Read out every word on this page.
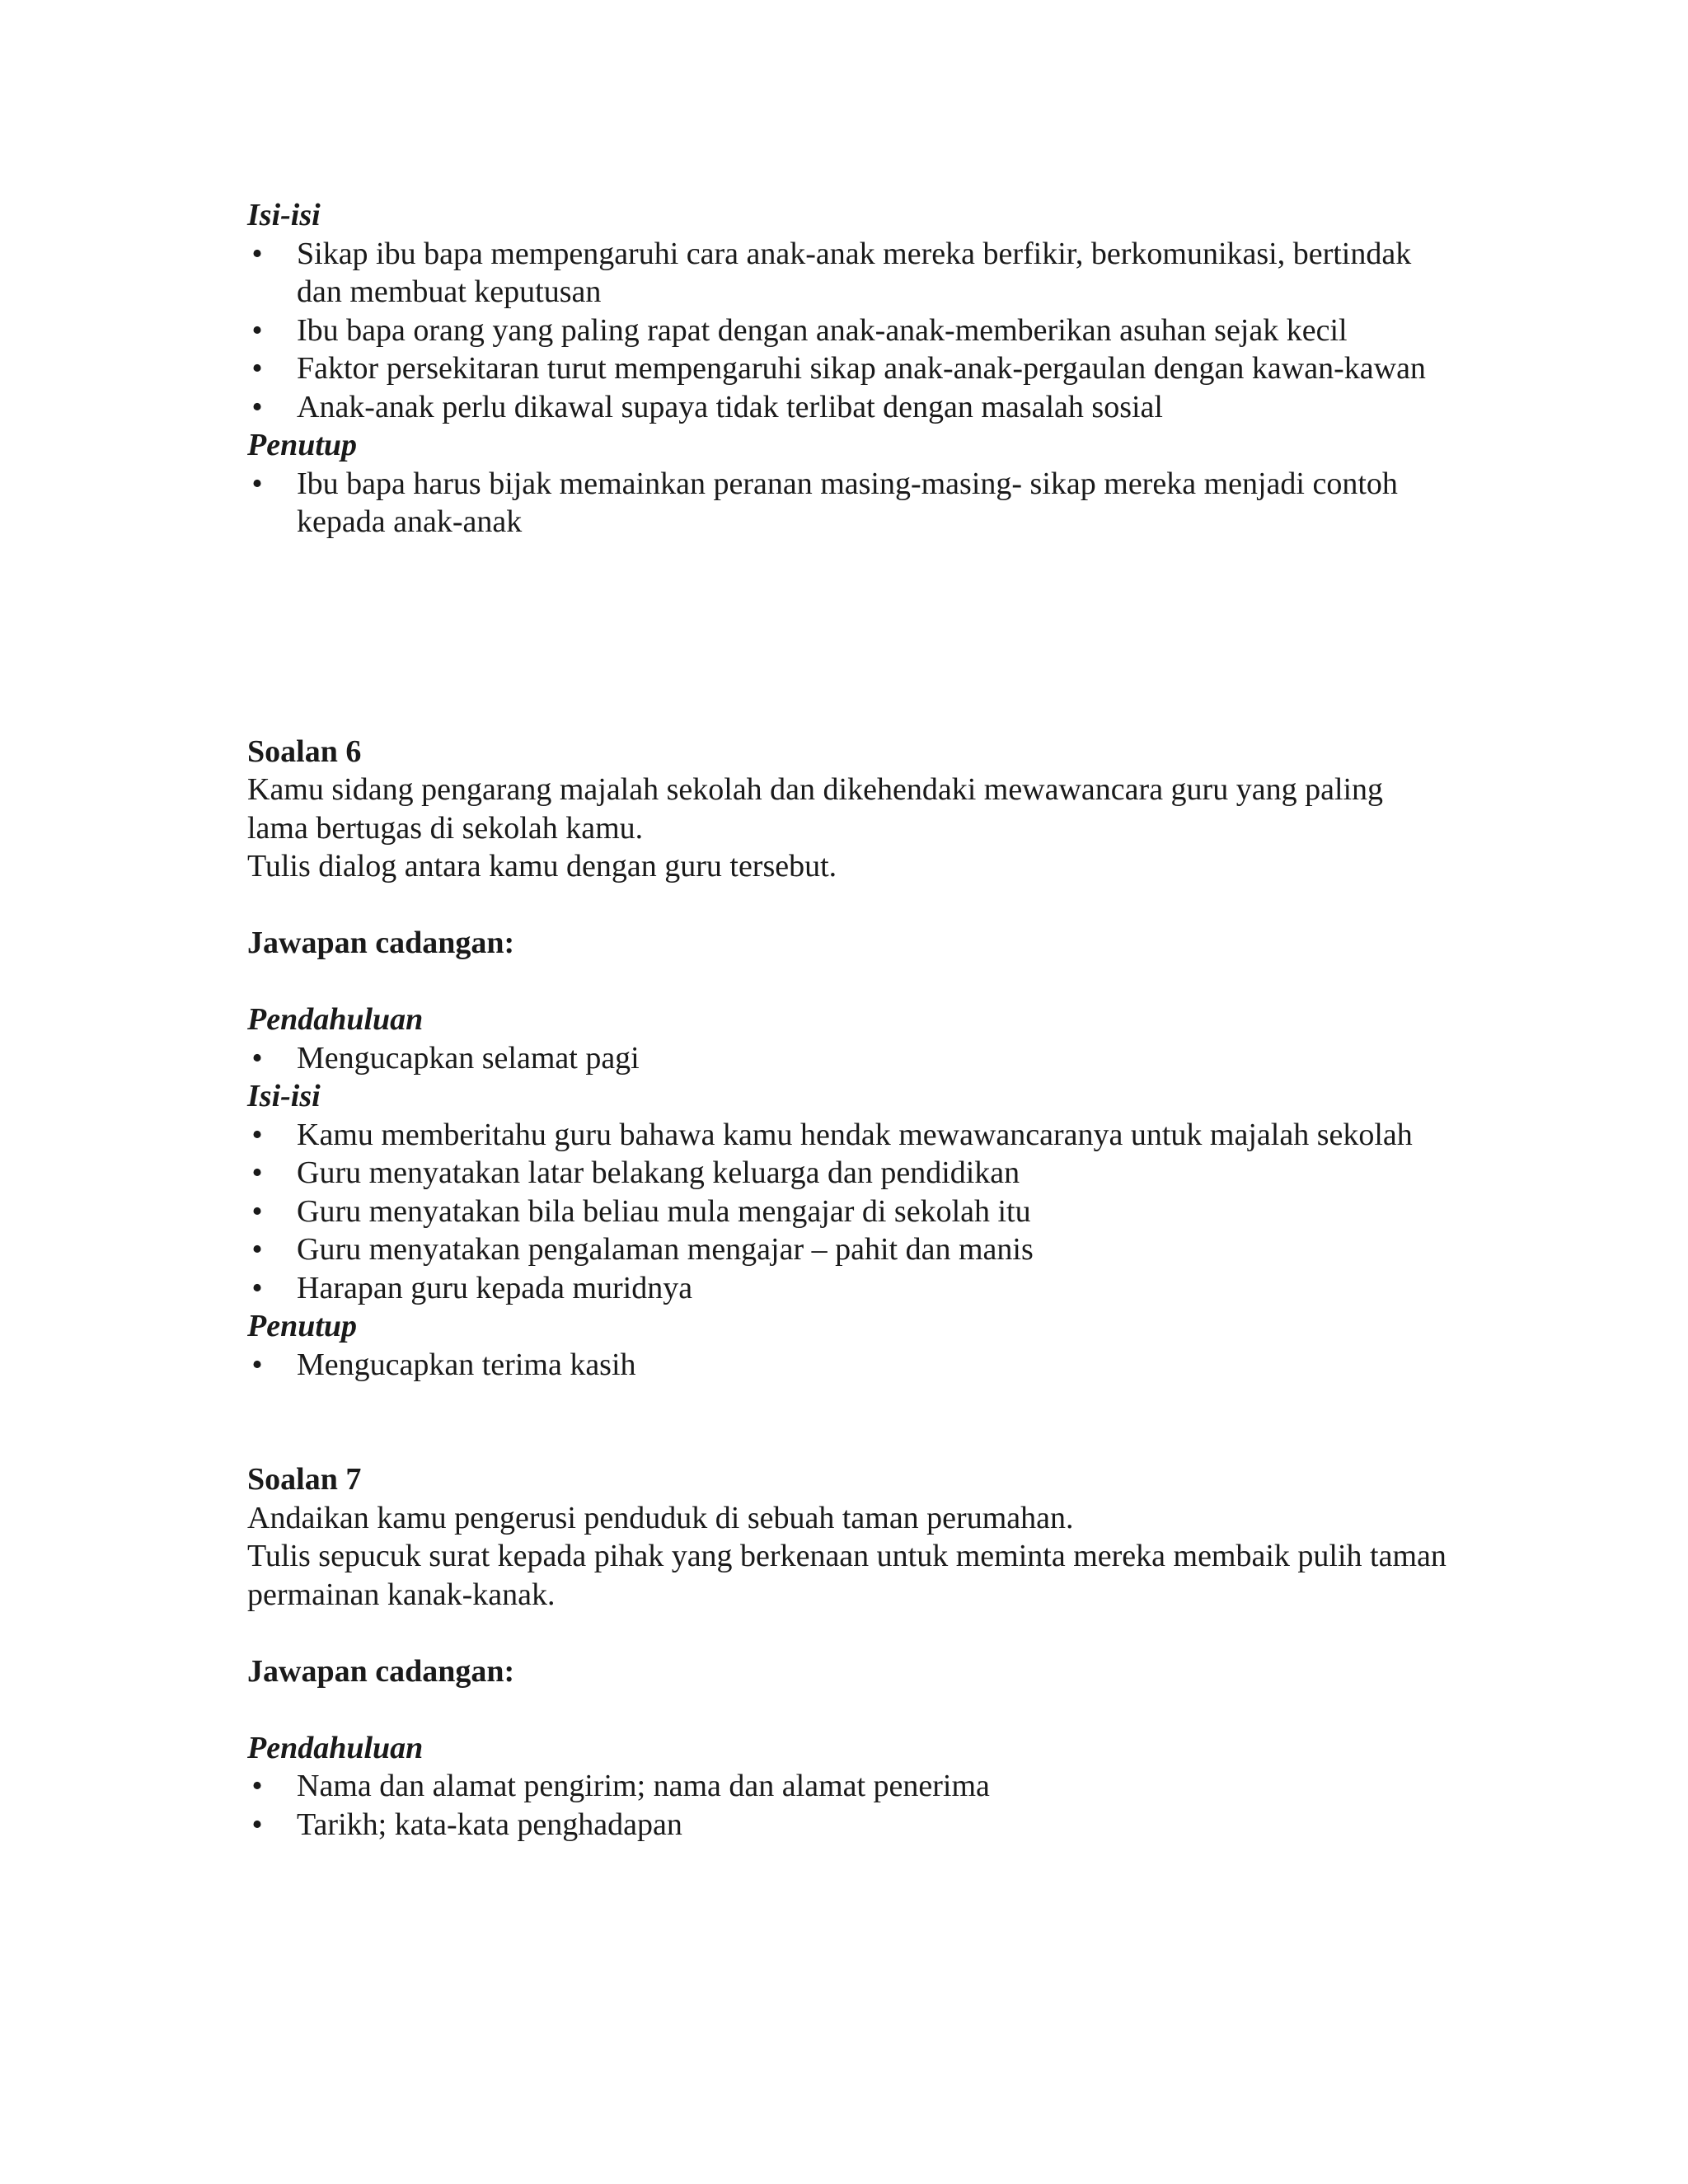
Isi-isi

• Sikap ibu bapa mempengaruhi cara anak-anak mereka berfikir, berkomunikasi, bertindak dan membuat keputusan
• Ibu bapa orang yang paling rapat dengan anak-anak-memberikan asuhan sejak kecil
• Faktor persekitaran turut mempengaruhi sikap anak-anak-pergaulan dengan kawan-kawan
• Anak-anak perlu dikawal supaya tidak terlibat dengan masalah sosial

Penutup

• Ibu bapa harus bijak memainkan peranan masing-masing- sikap mereka menjadi contoh kepada anak-anak

Soalan 6

Kamu sidang pengarang majalah sekolah dan dikehendaki mewawancara guru yang paling lama bertugas di sekolah kamu.

Tulis dialog antara kamu dengan guru tersebut.

Jawapan cadangan:

Pendahuluan

• Mengucapkan selamat pagi

Isi-isi

• Kamu memberitahu guru bahawa kamu hendak mewawancaranya untuk majalah sekolah
• Guru menyatakan latar belakang keluarga dan pendidikan
• Guru menyatakan bila beliau mula mengajar di sekolah itu
• Guru menyatakan pengalaman mengajar – pahit dan manis
• Harapan guru kepada muridnya

Penutup

• Mengucapkan terima kasih

Soalan 7

Andaikan kamu pengerusi penduduk di sebuah taman perumahan.

Tulis sepucuk surat kepada pihak yang berkenaan untuk meminta mereka membaik pulih taman permainan kanak-kanak.

Jawapan cadangan:

Pendahuluan

• Nama dan alamat pengirim; nama dan alamat penerima
• Tarikh; kata-kata penghadapan
